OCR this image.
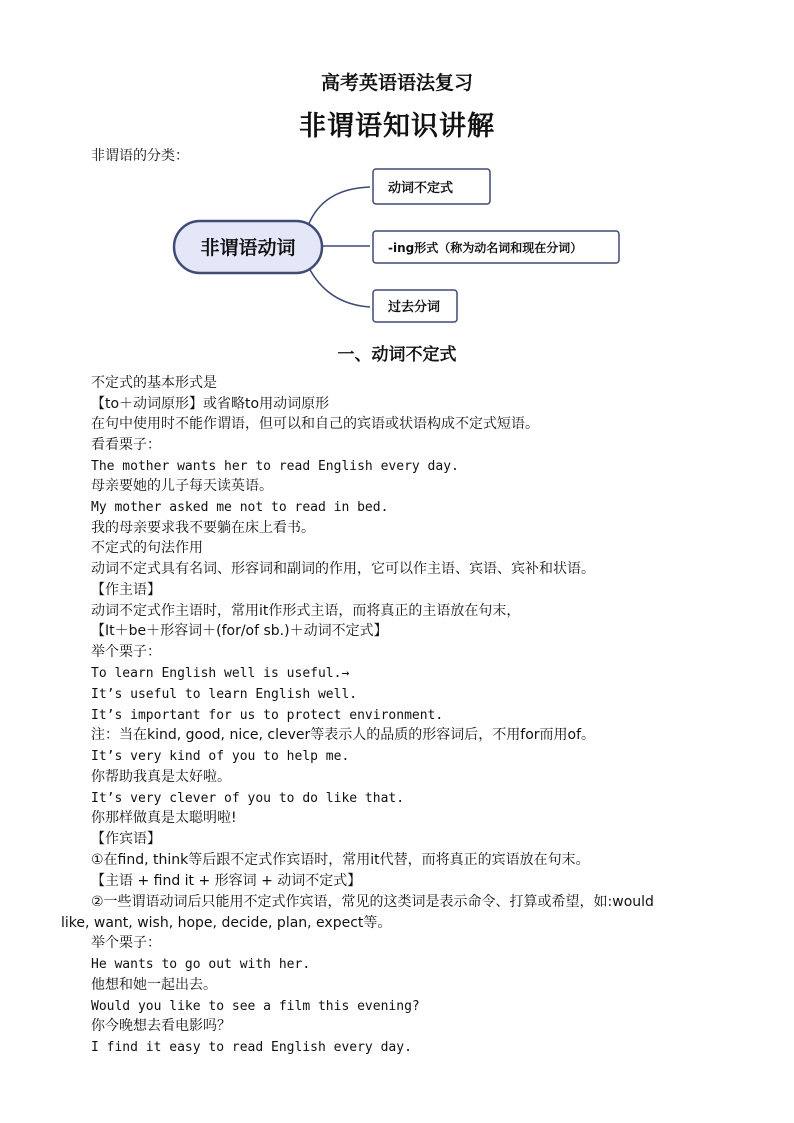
高考英语语法复习
非谓语知识讲解
非谓语的分类：
非谓语动词
动词不定式
-ing形式（称为动名词和现在分词）
过去分词
一、动词不定式
不定式的基本形式是
【to＋动词原形】或省略to用动词原形
在句中使用时不能作谓语，但可以和自己的宾语或状语构成不定式短语。
看看栗子：
The mother wants her to read English every day.
母亲要她的儿子每天读英语。
My mother asked me not to read in bed.
我的母亲要求我不要躺在床上看书。
不定式的句法作用
动词不定式具有名词、形容词和副词的作用，它可以作主语、宾语、宾补和状语。
【作主语】
动词不定式作主语时，常用it作形式主语，而将真正的主语放在句末，
【It＋be＋形容词＋(for/of sb.)＋动词不定式】
举个栗子：
To learn English well is useful.→
It’s useful to learn English well.
It’s important for us to protect environment.
注：当在kind, good, nice, clever等表示人的品质的形容词后，不用for而用of。
It’s very kind of you to help me.
你帮助我真是太好啦。
It’s very clever of you to do like that.
你那样做真是太聪明啦!
【作宾语】
①在find, think等后跟不定式作宾语时，常用it代替，而将真正的宾语放在句末。
【主语 + find it + 形容词 + 动词不定式】
②一些谓语动词后只能用不定式作宾语，常见的这类词是表示命令、打算或希望，如:would
like, want, wish, hope, decide, plan, expect等。
举个栗子：
He wants to go out with her.
他想和她一起出去。
Would you like to see a film this evening?
你今晚想去看电影吗？
I find it easy to read English every day.
